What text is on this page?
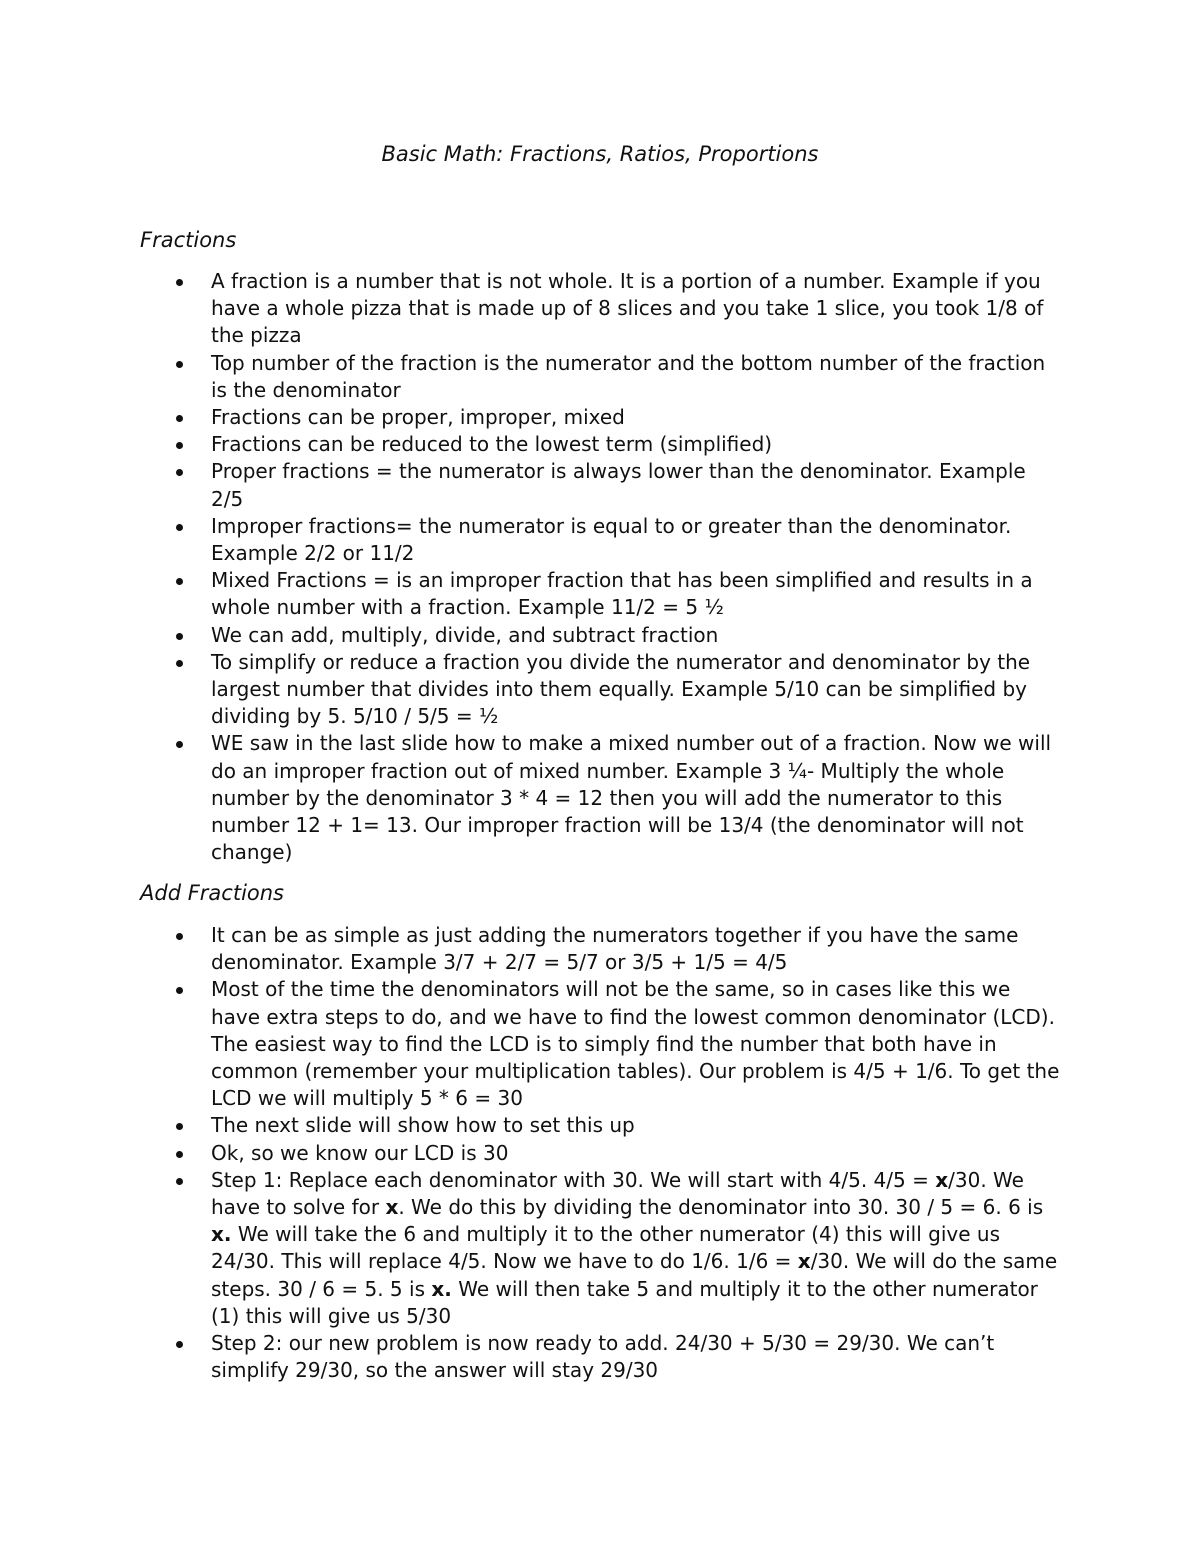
Basic Math: Fractions, Ratios, Proportions
Fractions
A fraction is a number that is not whole. It is a portion of a number. Example if you have a whole pizza that is made up of 8 slices and you take 1 slice, you took 1/8 of the pizza
Top number of the fraction is the numerator and the bottom number of the fraction is the denominator
Fractions can be proper, improper, mixed
Fractions can be reduced to the lowest term (simplified)
Proper fractions = the numerator is always lower than the denominator. Example 2/5
Improper fractions= the numerator is equal to or greater than the denominator. Example 2/2 or 11/2
Mixed Fractions = is an improper fraction that has been simplified and results in a whole number with a fraction. Example 11/2 = 5 ½
We can add, multiply, divide, and subtract fraction
To simplify or reduce a fraction you divide the numerator and denominator by the largest number that divides into them equally. Example 5/10 can be simplified by dividing by 5. 5/10 / 5/5 = ½
WE saw in the last slide how to make a mixed number out of a fraction. Now we will do an improper fraction out of mixed number. Example 3 ¼- Multiply the whole number by the denominator 3 * 4 = 12 then you will add the numerator to this number 12 + 1= 13. Our improper fraction will be 13/4 (the denominator will not change)
Add Fractions
It can be as simple as just adding the numerators together if you have the same denominator. Example 3/7 + 2/7 = 5/7 or 3/5 + 1/5 = 4/5
Most of the time the denominators will not be the same, so in cases like this we have extra steps to do, and we have to find the lowest common denominator (LCD). The easiest way to find the LCD is to simply find the number that both have in common (remember your multiplication tables). Our problem is 4/5 + 1/6. To get the LCD we will multiply 5 * 6 = 30
The next slide will show how to set this up
Ok, so we know our LCD is 30
Step 1: Replace each denominator with 30. We will start with 4/5. 4/5 = x/30. We have to solve for x. We do this by dividing the denominator into 30. 30 / 5 = 6. 6 is x. We will take the 6 and multiply it to the other numerator (4) this will give us 24/30. This will replace 4/5. Now we have to do 1/6. 1/6 = x/30. We will do the same steps. 30 / 6 = 5. 5 is x. We will then take 5 and multiply it to the other numerator (1) this will give us 5/30
Step 2: our new problem is now ready to add. 24/30 + 5/30 = 29/30. We can’t simplify 29/30, so the answer will stay 29/30
